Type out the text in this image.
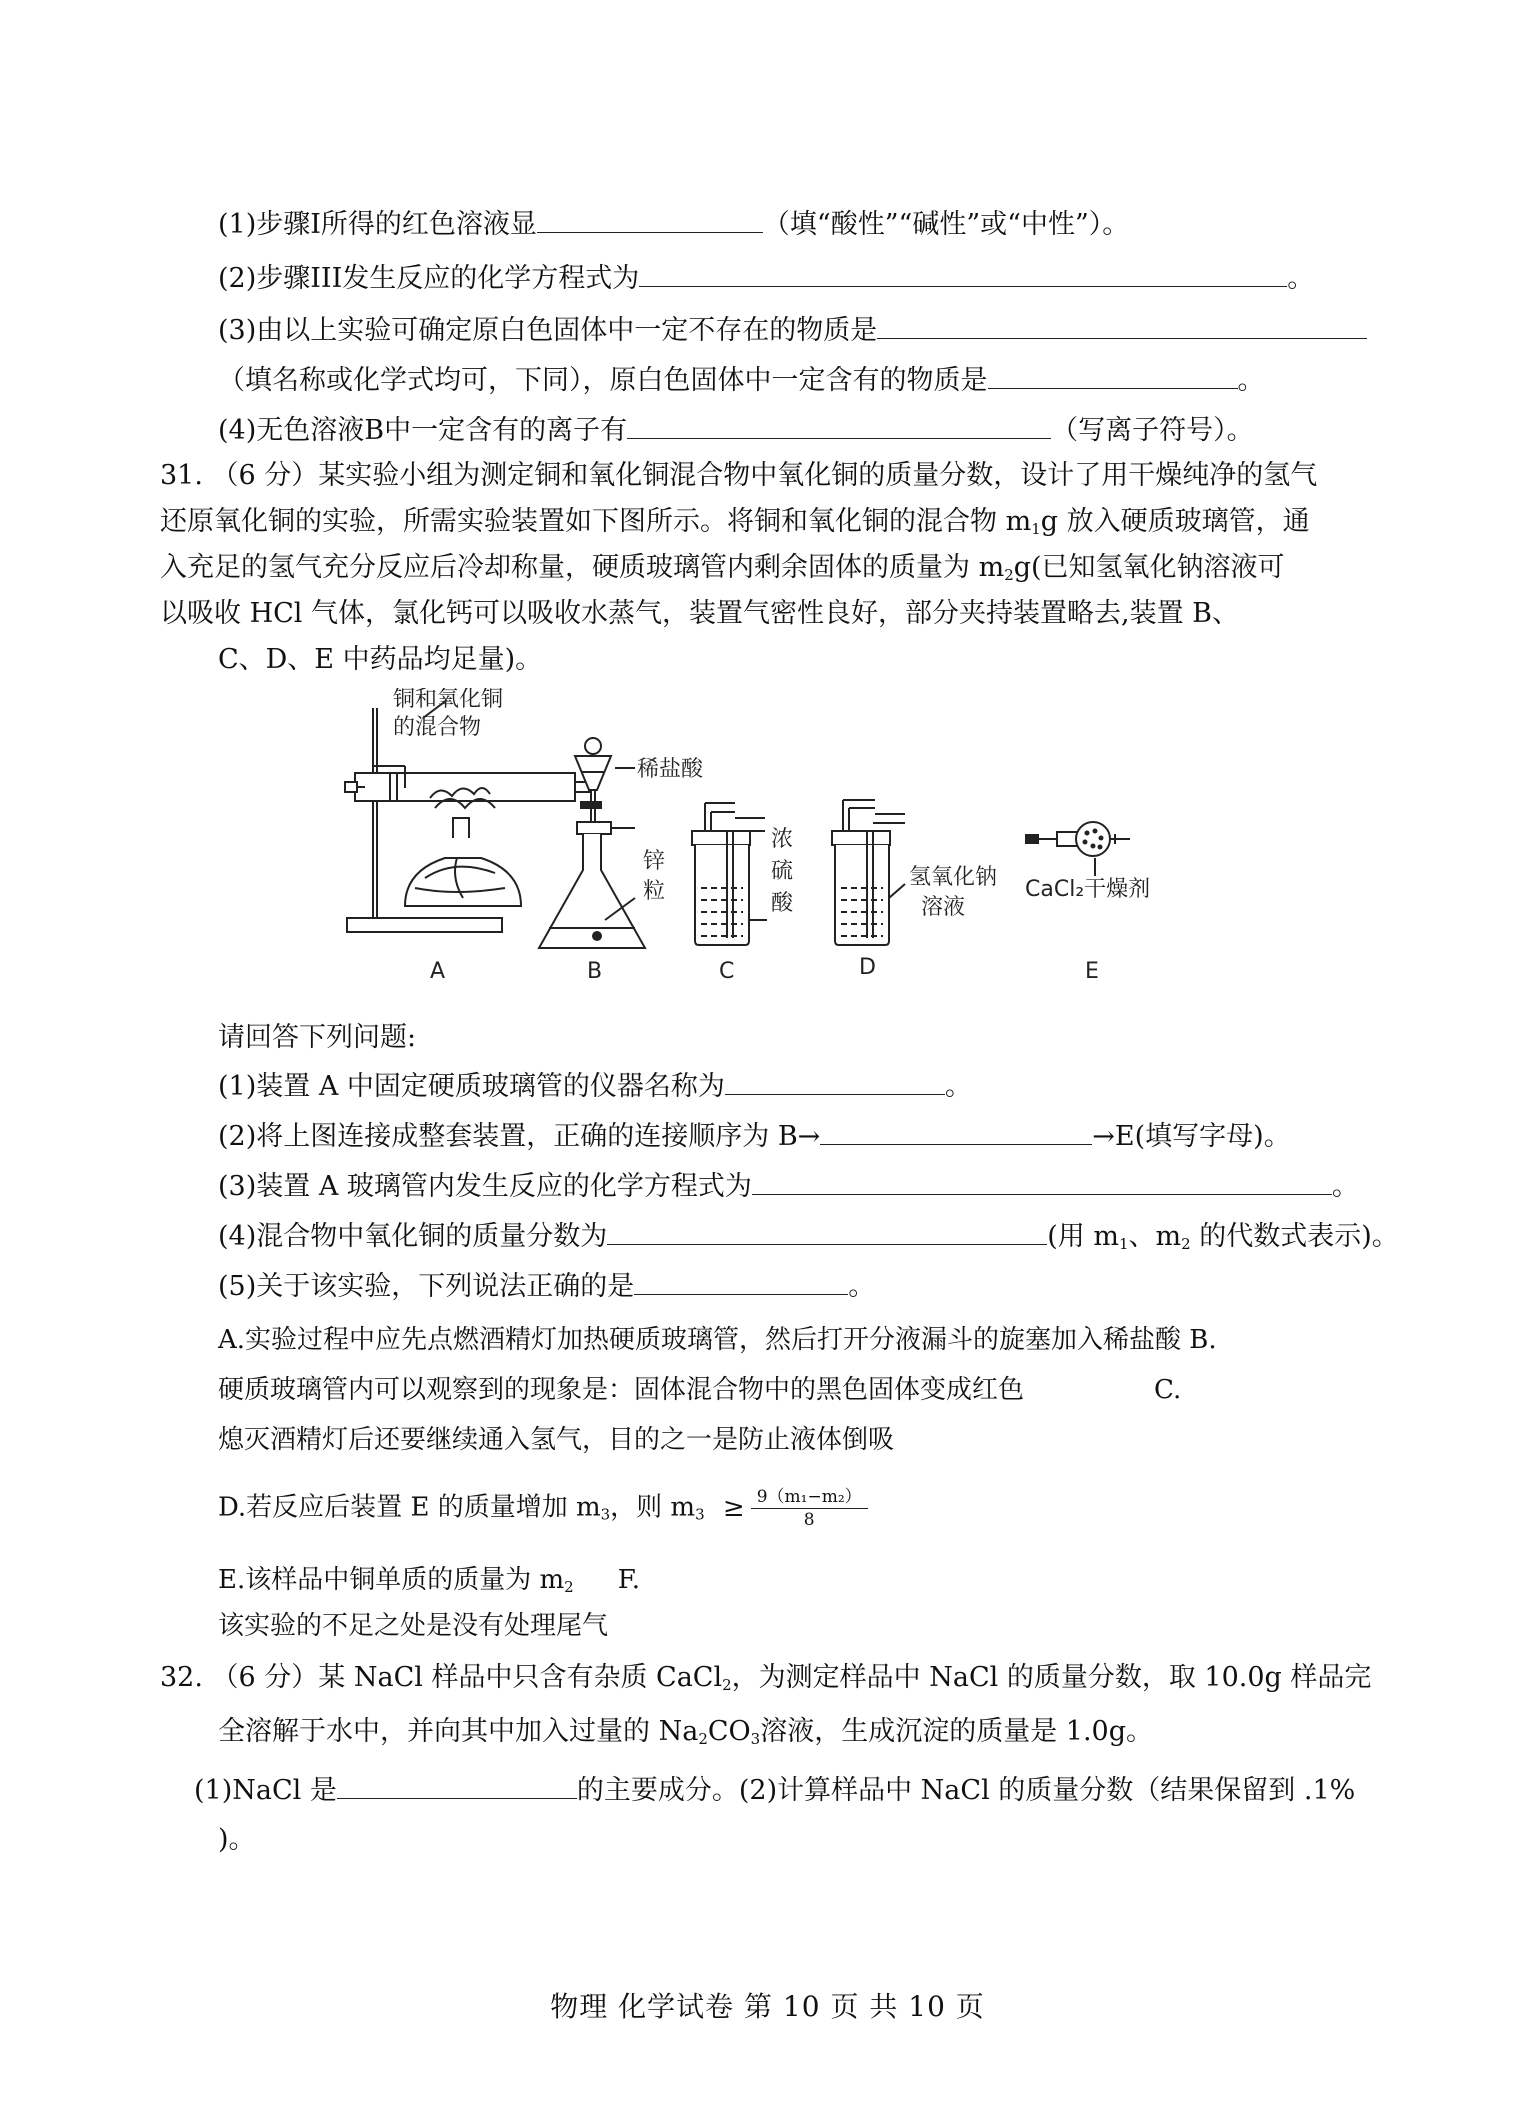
(1)步骤I所得的红色溶液显	（填“酸性”“碱性”或“中性”）。
(2)步骤III发生反应的化学方程式为	。
(3)由以上实验可确定原白色固体中一定不存在的物质是
（填名称或化学式均可，下同），原白色固体中一定含有的物质是	。
(4)无色溶液B中一定含有的离子有	（写离子符号）。
31. （6 分）某实验小组为测定铜和氧化铜混合物中氧化铜的质量分数，设计了用干燥纯净的氢气
还原氧化铜的实验，所需实验装置如下图所示。将铜和氧化铜的混合物 $m_1g$ 放入硬质玻璃管，通
入充足的氢气充分反应后冷却称量，硬质玻璃管内剩余固体的质量为 $m_2g$(已知氢氧化钠溶液可
以吸收 HCl 气体，氯化钙可以吸收水蒸气，装置气密性良好，部分夹持装置略去,装置 B、
C、D、E 中药品均足量)。
铜和氧化铜
的混合物
稀盐酸
锌
粒
浓
硫
酸
氢氧化钠
溶液
CaCl₂干燥剂
A	B	C	D	E
请回答下列问题:
(1)装置 A 中固定硬质玻璃管的仪器名称为	。
(2)将上图连接成整套装置，正确的连接顺序为 B→	→E(填写字母)。
(3)装置 A 玻璃管内发生反应的化学方程式为	。
(4)混合物中氧化铜的质量分数为	(用 $m_1$、$m_2$ 的代数式表示)。
(5)关于该实验，下列说法正确的是	。
A.实验过程中应先点燃酒精灯加热硬质玻璃管，然后打开分液漏斗的旋塞加入稀盐酸 B.
硬质玻璃管内可以观察到的现象是：固体混合物中的黑色固体变成红色	C.
熄灭酒精灯后还要继续通入氢气，目的之一是防止液体倒吸
D.若反应后装置 E 的质量增加 $m_3$，则 $m_3 \ge \frac{\text{9（m₁−m₂）}}{8}$
E.该样品中铜单质的质量为 $m_2$ F.
该实验的不足之处是没有处理尾气
32. （6 分）某 NaCl 样品中只含有杂质 CaCl$_2$，为测定样品中 NaCl 的质量分数，取 10.0g 样品完
全溶解于水中，并向其中加入过量的 $Na_2CO_3$溶液，生成沉淀的质量是 1.0g。
(1)NaCl 是	的主要成分。(2)计算样品中 NaCl 的质量分数（结果保留到 .1%
)。
物理 化学试卷 第 10 页 共 10 页
